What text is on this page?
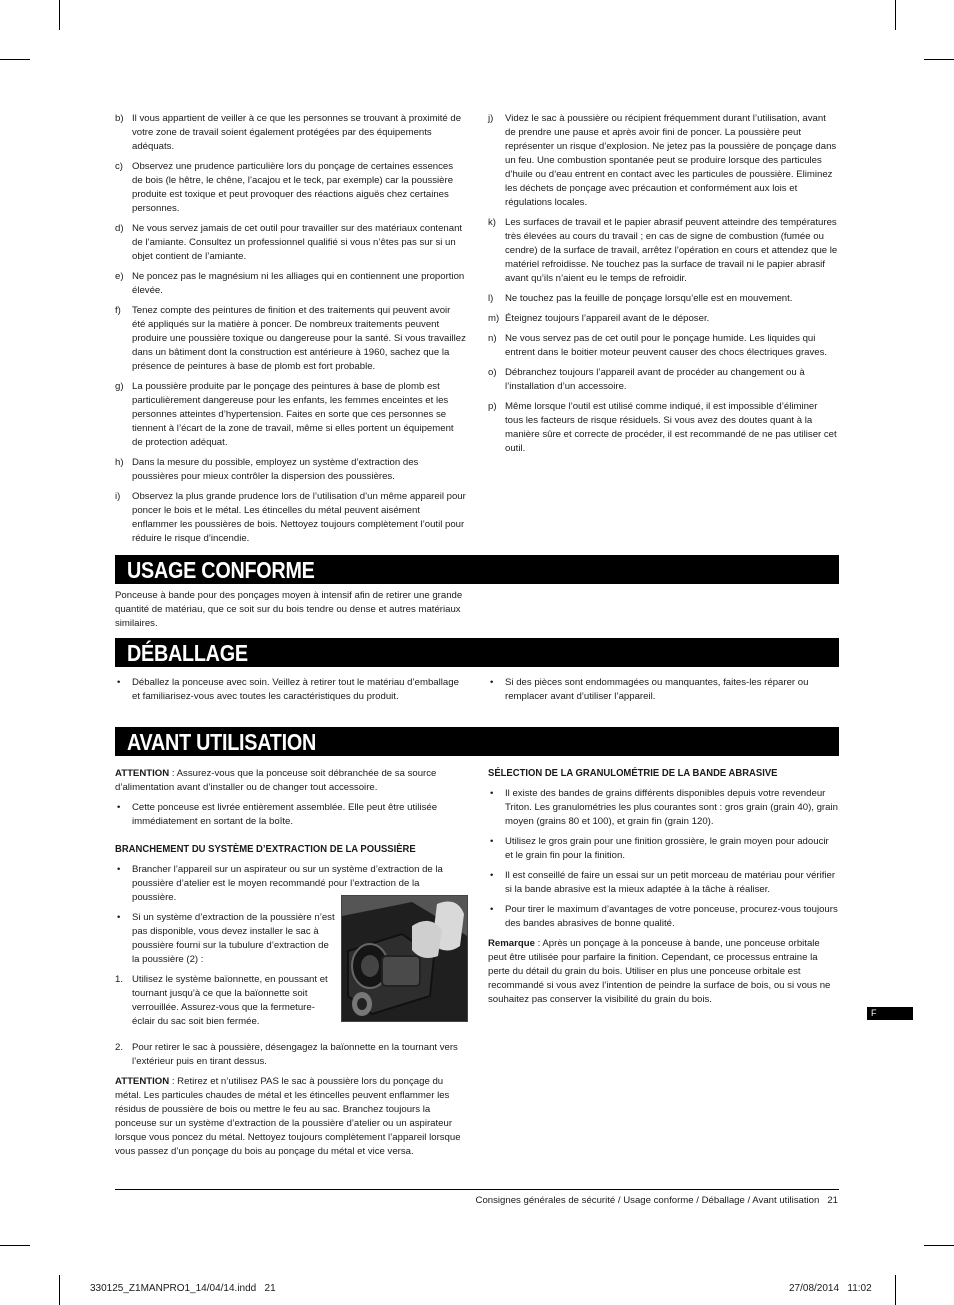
b) Il vous appartient de veiller à ce que les personnes se trouvant à proximité de votre zone de travail soient également protégées par des équipements adéquats.
c) Observez une prudence particulière lors du ponçage de certaines essences de bois (le hêtre, le chêne, l’acajou et le teck, par exemple) car la poussière produite est toxique et peut provoquer des réactions aiguës chez certaines personnes.
d) Ne vous servez jamais de cet outil pour travailler sur des matériaux contenant de l’amiante. Consultez un professionnel qualifié si vous n’êtes pas sur si un objet contient de l’amiante.
e) Ne poncez pas le magnésium ni les alliages qui en contiennent une proportion élevée.
f) Tenez compte des peintures de finition et des traitements qui peuvent avoir été appliqués sur la matière à poncer. De nombreux traitements peuvent produire une poussière toxique ou dangereuse pour la santé. Si vous travaillez dans un bâtiment dont la construction est antérieure à 1960, sachez que la présence de peintures à base de plomb est fort probable.
g) La poussière produite par le ponçage des peintures à base de plomb est particulièrement dangereuse pour les enfants, les femmes enceintes et les personnes atteintes d’hypertension. Faites en sorte que ces personnes se tiennent à l’écart de la zone de travail, même si elles portent un équipement de protection adéquat.
h) Dans la mesure du possible, employez un système d’extraction des poussières pour mieux contrôler la dispersion des poussières.
i) Observez la plus grande prudence lors de l’utilisation d’un même appareil pour poncer le bois et le métal. Les étincelles du métal peuvent aisément enflammer les poussières de bois. Nettoyez toujours complètement l’outil pour réduire le risque d’incendie.
j) Videz le sac à poussière ou récipient fréquemment durant l’utilisation, avant de prendre une pause et après avoir fini de poncer. La poussière peut représenter un risque d’explosion. Ne jetez pas la poussière de ponçage dans un feu. Une combustion spontanée peut se produire lorsque des particules d’huile ou d’eau entrent en contact avec les particules de poussière. Eliminez les déchets de ponçage avec précaution et conformément aux lois et régulations locales.
k) Les surfaces de travail et le papier abrasif peuvent atteindre des températures très élevées au cours du travail ; en cas de signe de combustion (fumée ou cendre) de la surface de travail, arrêtez l’opération en cours et attendez que le matériel refroidisse. Ne touchez pas la surface de travail ni le papier abrasif avant qu’ils n’aient eu le temps de refroidir.
l) Ne touchez pas la feuille de ponçage lorsqu’elle est en mouvement.
m) Éteignez toujours l’appareil avant de le déposer.
n) Ne vous servez pas de cet outil pour le ponçage humide. Les liquides qui entrent dans le boitier moteur peuvent causer des chocs électriques graves.
o) Débranchez toujours l’appareil avant de procéder au changement ou à l’installation d’un accessoire.
p) Même lorsque l’outil est utilisé comme indiqué, il est impossible d’éliminer tous les facteurs de risque résiduels. Si vous avez des doutes quant à la manière sûre et correcte de procéder, il est recommandé de ne pas utiliser cet outil.
USAGE CONFORME

Ponceuse à bande pour des ponçages moyen à intensif afin de retirer une grande quantité de matériau, que ce soit sur du bois tendre ou dense et autres matériaux similaires.

DÉBALLAGE
• Déballez la ponceuse avec soin. Veillez à retirer tout le matériau d’emballage et familiarisez-vous avec toutes les caractéristiques du produit.
• Si des pièces sont endommagées ou manquantes, faites-les réparer ou remplacer avant d’utiliser l’appareil.
AVANT UTILISATION

ATTENTION : Assurez-vous que la ponceuse soit débranchée de sa source d’alimentation avant d’installer ou de changer tout accessoire.

• Cette ponceuse est livrée entièrement assemblée. Elle peut être utilisée immédiatement en sortant de la boîte.
BRANCHEMENT DU SYSTÈME D’EXTRACTION DE LA POUSSIÈRE
• Brancher l’appareil sur un aspirateur ou sur un système d’extraction de la poussière d’atelier est le moyen recommandé pour l’extraction de la poussière.
• Si un système d’extraction de la poussière n’est pas disponible, vous devez installer le sac à poussière fourni sur la tubulure d’extraction de la poussière (2) :
1. Utilisez le système baïonnette, en poussant et tournant jusqu’à ce que la baïonnette soit verrouillée. Assurez-vous que la fermeture-éclair du sac soit bien fermée.
2. Pour retirer le sac à poussière, désengagez la baïonnette en la tournant vers l’extérieur puis en tirant dessus.

ATTENTION : Retirez et n’utilisez PAS le sac à poussière lors du ponçage du métal. Les particules chaudes de métal et les étincelles peuvent enflammer les résidus de poussière de bois ou mettre le feu au sac. Branchez toujours la ponceuse sur un système d’extraction de la poussière d’atelier ou un aspirateur lorsque vous poncez du métal. Nettoyez toujours complètement l’appareil lorsque vous passez d’un ponçage du bois au ponçage du métal et vice versa.

SÉLECTION DE LA GRANULOMÉTRIE DE LA BANDE ABRASIVE
• Il existe des bandes de grains différents disponibles depuis votre revendeur Triton. Les granulométries les plus courantes sont : gros grain (grain 40), grain moyen (grains 80 et 100), et grain fin (grain 120).
• Utilisez le gros grain pour une finition grossière, le grain moyen pour adoucir et le grain fin pour la finition.
• Il est conseillé de faire un essai sur un petit morceau de matériau pour vérifier si la bande abrasive est la mieux adaptée à la tâche à réaliser.
• Pour tirer le maximum d’avantages de votre ponceuse, procurez-vous toujours des bandes abrasives de bonne qualité.

Remarque : Après un ponçage à la ponceuse à bande, une ponceuse orbitale peut être utilisée pour parfaire la finition. Cependant, ce processus entraine la perte du détail du grain du bois. Utiliser en plus une ponceuse orbitale est recommandé si vous avez l’intention de peindre la surface de bois, ou si vous ne souhaitez pas conserver la visibilité du grain du bois.

F
Consignes générales de sécurité / Usage conforme / Déballage / Avant utilisation 21
330125_Z1MANPRO1_14/04/14.indd   21	27/08/2014   11:02
